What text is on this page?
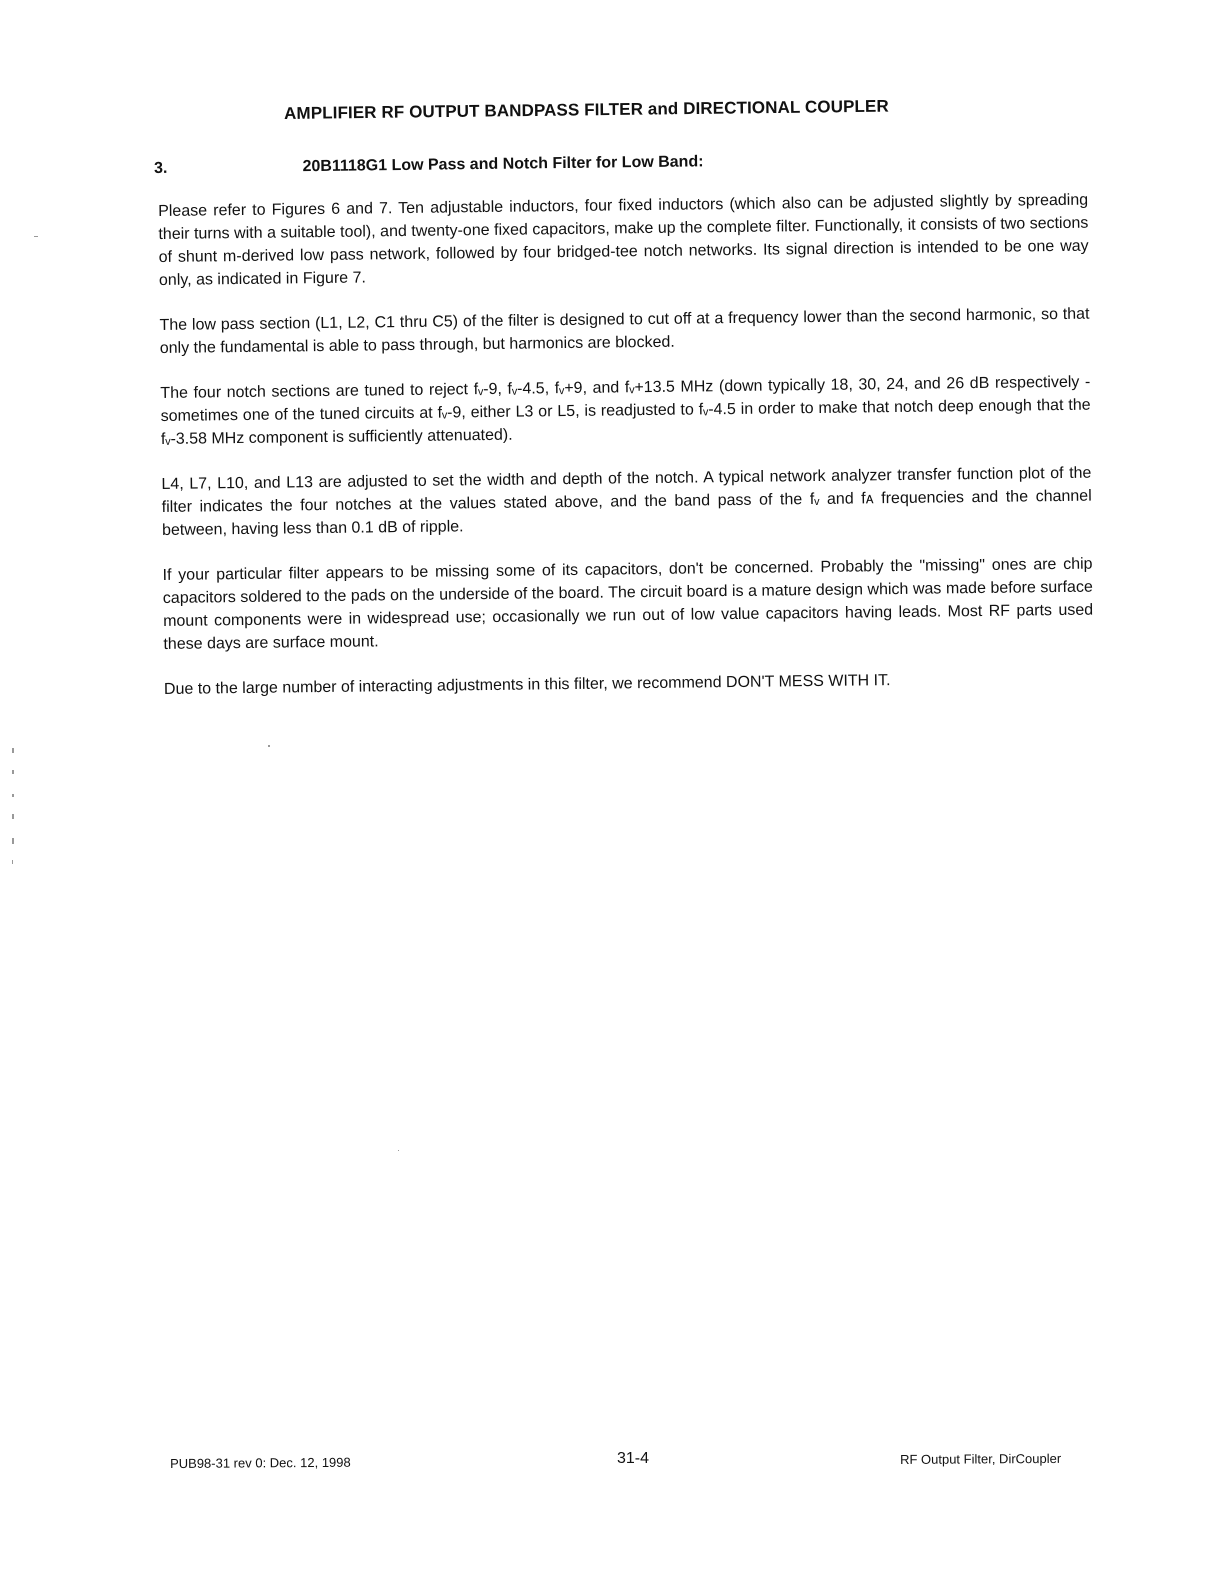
AMPLIFIER RF OUTPUT BANDPASS FILTER and DIRECTIONAL COUPLER
3.	20B1118G1 Low Pass and Notch Filter for Low Band:

Please refer to Figures 6 and 7. Ten adjustable inductors, four fixed inductors (which also can be adjusted slightly by spreading their turns with a suitable tool), and twenty-one fixed capacitors, make up the complete filter. Functionally, it consists of two sections of shunt m-derived low pass network, followed by four bridged-tee notch networks. Its signal direction is intended to be one way only, as indicated in Figure 7.

The low pass section (L1, L2, C1 thru C5) of the filter is designed to cut off at a frequency lower than the second harmonic, so that only the fundamental is able to pass through, but harmonics are blocked.

The four notch sections are tuned to reject fᵥ-9, fᵥ-4.5, fᵥ+9, and fᵥ+13.5 MHz (down typically 18, 30, 24, and 26 dB respectively - sometimes one of the tuned circuits at fᵥ-9, either L3 or L5, is readjusted to fᵥ-4.5 in order to make that notch deep enough that the fᵥ-3.58 MHz component is sufficiently attenuated).

L4, L7, L10, and L13 are adjusted to set the width and depth of the notch. A typical network analyzer transfer function plot of the filter indicates the four notches at the values stated above, and the band pass of the fᵥ and fᴀ frequencies and the channel between, having less than 0.1 dB of ripple.

If your particular filter appears to be missing some of its capacitors, don't be concerned. Probably the "missing" ones are chip capacitors soldered to the pads on the underside of the board. The circuit board is a mature design which was made before surface mount components were in widespread use; occasionally we run out of low value capacitors having leads. Most RF parts used these days are surface mount.

Due to the large number of interacting adjustments in this filter, we recommend DON'T MESS WITH IT.

PUB98-31 rev 0: Dec. 12, 1998	31-4	RF Output Filter, DirCoupler
